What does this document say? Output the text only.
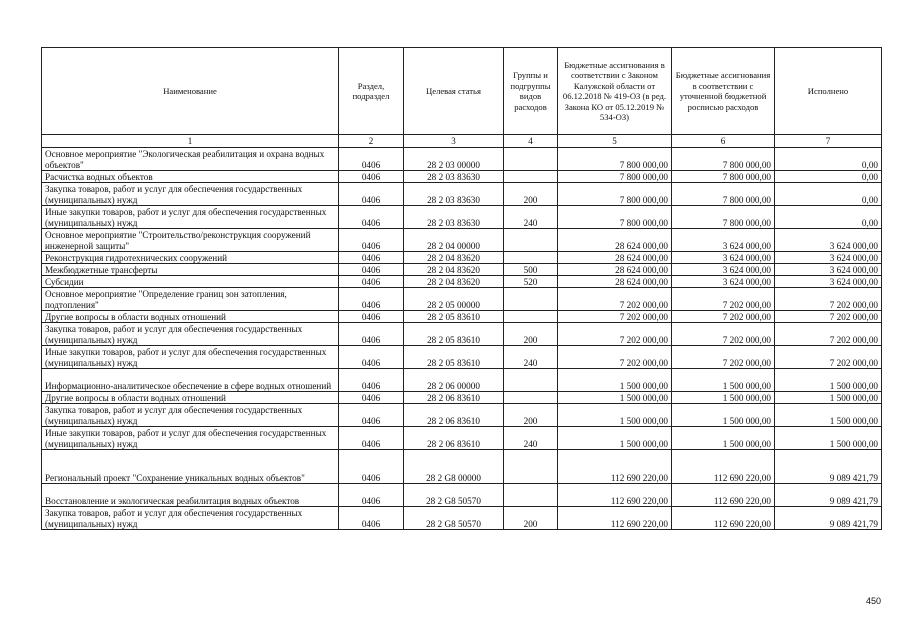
Наименование	Раздел, подраздел	Целевая статья	Группы и подгруппы видов расходов	Бюджетные ассигнования в соответствии с Законом Калужской области от 06.12.2018 № 419-ОЗ (в ред. Закона КО от 05.12.2019 № 534-ОЗ)	Бюджетные ассигнования в соответствии с уточненной бюджетной росписью расходов	Исполнено
1	2	3	4	5	6	7
Основное мероприятие "Экологическая реабилитация и охрана водных объектов"	0406	28 2 03 00000		7 800 000,00	7 800 000,00	0,00
Расчистка водных объектов	0406	28 2 03 83630		7 800 000,00	7 800 000,00	0,00
Закупка товаров, работ и услуг для обеспечения государственных (муниципальных) нужд	0406	28 2 03 83630	200	7 800 000,00	7 800 000,00	0,00
Иные закупки товаров, работ и услуг для обеспечения государственных (муниципальных) нужд	0406	28 2 03 83630	240	7 800 000,00	7 800 000,00	0,00
Основное мероприятие "Строительство/реконструкция сооружений инженерной защиты"	0406	28 2 04 00000		28 624 000,00	3 624 000,00	3 624 000,00
Реконструкция гидротехнических сооружений	0406	28 2 04 83620		28 624 000,00	3 624 000,00	3 624 000,00
Межбюджетные трансферты	0406	28 2 04 83620	500	28 624 000,00	3 624 000,00	3 624 000,00
Субсидии	0406	28 2 04 83620	520	28 624 000,00	3 624 000,00	3 624 000,00
Основное мероприятие "Определение границ зон затопления, подтопления"	0406	28 2 05 00000		7 202 000,00	7 202 000,00	7 202 000,00
Другие вопросы в области водных отношений	0406	28 2 05 83610		7 202 000,00	7 202 000,00	7 202 000,00
Закупка товаров, работ и услуг для обеспечения государственных (муниципальных) нужд	0406	28 2 05 83610	200	7 202 000,00	7 202 000,00	7 202 000,00
Иные закупки товаров, работ и услуг для обеспечения государственных (муниципальных) нужд	0406	28 2 05 83610	240	7 202 000,00	7 202 000,00	7 202 000,00
Информационно-аналитическое обеспечение в сфере водных отношений	0406	28 2 06 00000		1 500 000,00	1 500 000,00	1 500 000,00
Другие вопросы в области водных отношений	0406	28 2 06 83610		1 500 000,00	1 500 000,00	1 500 000,00
Закупка товаров, работ и услуг для обеспечения государственных (муниципальных) нужд	0406	28 2 06 83610	200	1 500 000,00	1 500 000,00	1 500 000,00
Иные закупки товаров, работ и услуг для обеспечения государственных (муниципальных) нужд	0406	28 2 06 83610	240	1 500 000,00	1 500 000,00	1 500 000,00
Региональный проект "Сохранение уникальных водных объектов"	0406	28 2 G8 00000		112 690 220,00	112 690 220,00	9 089 421,79
Восстановление и экологическая реабилитация водных объектов	0406	28 2 G8 50570		112 690 220,00	112 690 220,00	9 089 421,79
Закупка товаров, работ и услуг для обеспечения государственных (муниципальных) нужд	0406	28 2 G8 50570	200	112 690 220,00	112 690 220,00	9 089 421,79
450
